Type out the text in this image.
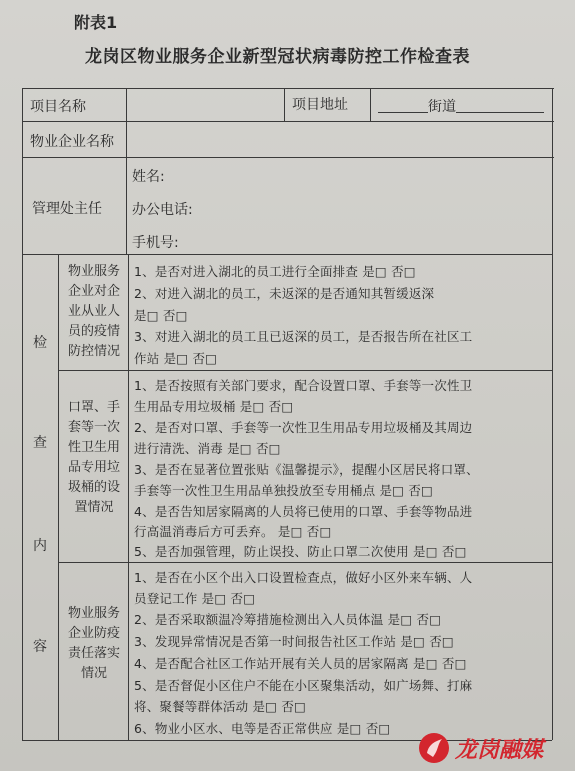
附表1
龙岗区物业服务企业新型冠状病毒防控工作检查表
项目名称	项目地址	街道
物业企业名称
管理处主任
姓名:
办公电话:
手机号:
检
查
内
容
物业服务企业对企业从业人员的疫情防控情况
口罩、手套等一次性卫生用品专用垃圾桶的设置情况
物业服务企业防疫责任落实情况
1、是否对进入湖北的员工进行全面排查 是□ 否□
2、对进入湖北的员工，未返深的是否通知其暂缓返深
是□ 否□
3、对进入湖北的员工且已返深的员工，是否报告所在社区工
作站 是□ 否□
1、是否按照有关部门要求，配合设置口罩、手套等一次性卫
生用品专用垃圾桶 是□ 否□
2、是否对口罩、手套等一次性卫生用品专用垃圾桶及其周边
进行清洗、消毒 是□ 否□
3、是否在显著位置张贴《温馨提示》，提醒小区居民将口罩、
手套等一次性卫生用品单独投放至专用桶点 是□ 否□
4、是否告知居家隔离的人员将已使用的口罩、手套等物品进
行高温消毒后方可丢弃。 是□ 否□
5、是否加强管理，防止误投、防止口罩二次使用 是□ 否□
1、是否在小区个出入口设置检查点，做好小区外来车辆、人
员登记工作 是□ 否□
2、是否采取额温冷筹措施检测出入人员体温 是□ 否□
3、发现异常情况是否第一时间报告社区工作站 是□ 否□
4、是否配合社区工作站开展有关人员的居家隔离 是□ 否□
5、是否督促小区住户不能在小区聚集活动，如广场舞、打麻
将、聚餐等群体活动 是□ 否□
6、物业小区水、电等是否正常供应 是□ 否□
龙岗融媒
